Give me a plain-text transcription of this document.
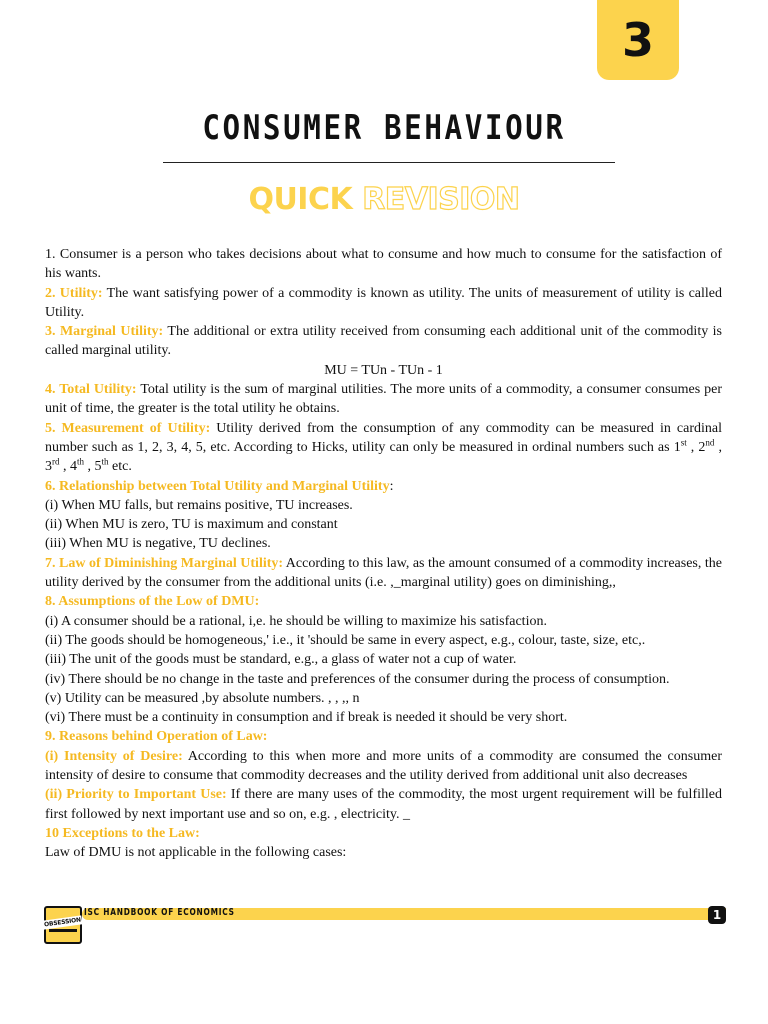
3
CONSUMER BEHAVIOUR
QUICK REVISION

1. Consumer is a person who takes decisions about what to consume and how much to consume for the satisfaction of his wants.

2. Utility: The want satisfying power of a commodity is known as utility. The units of measurement of utility is called Utility.

3. Marginal Utility: The additional or extra utility received from consuming each additional unit of the commodity is called marginal utility.

MU = TUn - TUn - 1

4. Total Utility: Total utility is the sum of marginal utilities. The more units of a commodity, a consumer consumes per unit of time, the greater is the total utility he obtains.

5. Measurement of Utility: Utility derived from the consumption of any commodity can be measured in cardinal number such as 1, 2, 3, 4, 5, etc. According to Hicks, utility can only be measured in ordinal numbers such as 1st , 2nd , 3rd , 4th , 5th etc.

6. Relationship between Total Utility and Marginal Utility:

(i) When MU falls, but remains positive, TU increases.

(ii) When MU is zero, TU is maximum and constant

(iii) When MU is negative, TU declines.

7. Law of Diminishing Marginal Utility: According to this law, as the amount consumed of a commodity increases, the utility derived by the consumer from the additional units (i.e. ,_marginal utility) goes on diminishing,,

8. Assumptions of the Low of DMU:

(i) A consumer should be a rational, i,e. he should be willing to maximize his satisfaction.

(ii) The goods should be homogeneous,' i.e., it 'should be same in every aspect, e.g., colour, taste, size, etc,.

(iii) The unit of the goods must be standard, e.g., a glass of water not a cup of water.

(iv) There should be no change in the taste and preferences of the consumer during the process of consumption.

(v) Utility can be measured ,by absolute numbers. , , ,, n

(vi) There must be a continuity in consumption and if break is needed it should be very short.

9. Reasons behind Operation of Law:

(i) Intensity of Desire: According to this when more and more units of a commodity are consumed the consumer intensity of desire to consume that commodity decreases and the utility derived from additional unit also decreases

(ii) Priority to Important Use: If there are many uses of the commodity, the most urgent requirement will be fulfilled first followed by next important use and so on, e.g. , electricity. _

10 Exceptions to the Law:

Law of DMU is not applicable in the following cases:

ISC HANDBOOK OF ECONOMICS
OBSESSION
1
